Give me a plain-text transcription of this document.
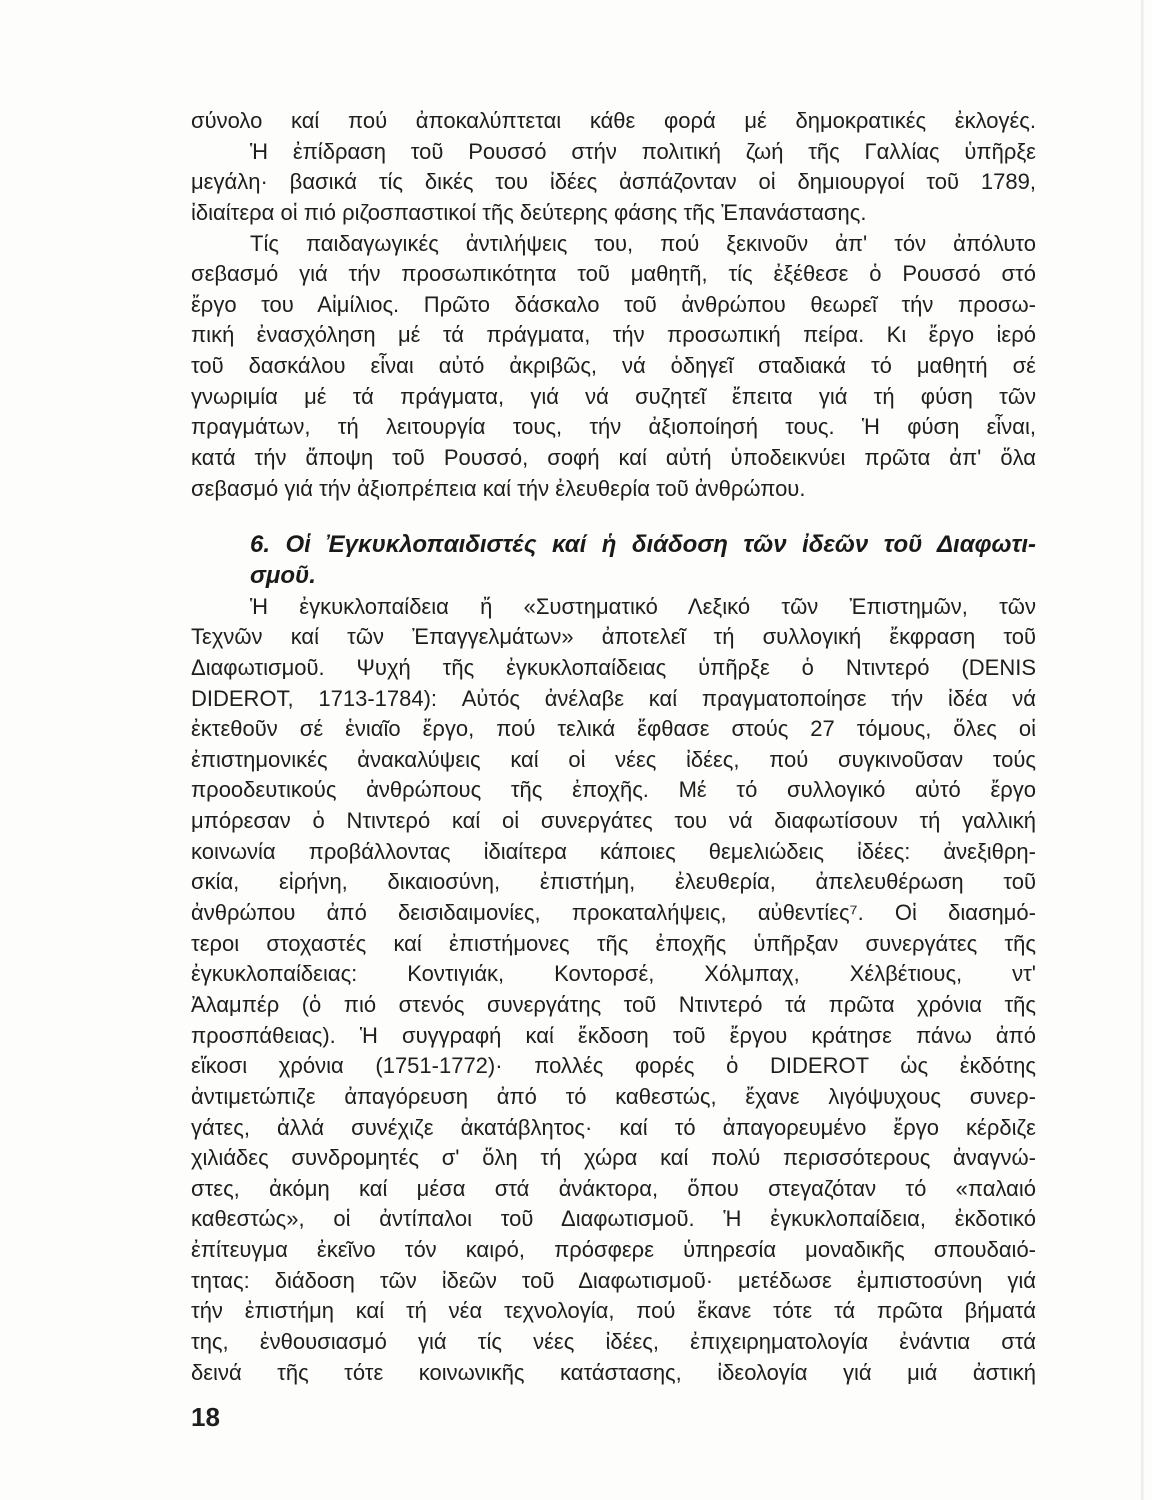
σύνολο καί πού ἀποκαλύπτεται κάθε φορά μέ δημοκρατικές ἐκλογές.
Ἡ ἐπίδραση τοῦ Ρουσσό στήν πολιτική ζωή τῆς Γαλλίας ὑπῆρξε
μεγάλη· βασικά τίς δικές του ἰδέες ἀσπάζονταν οἱ δημιουργοί τοῦ 1789,
ἰδιαίτερα οἱ πιό ριζοσπαστικοί τῆς δεύτερης φάσης τῆς Ἐπανάστασης.
Τίς παιδαγωγικές ἀντιλήψεις του, πού ξεκινοῦν ἀπ' τόν ἀπόλυτο
σεβασμό γιά τήν προσωπικότητα τοῦ μαθητῆ, τίς ἐξέθεσε ὁ Ρουσσό στό
ἔργο του Αἰμίλιος. Πρῶτο δάσκαλο τοῦ ἀνθρώπου θεωρεῖ τήν προσω-
πική ἐνασχόληση μέ τά πράγματα, τήν προσωπική πείρα. Κι ἔργο ἱερό
τοῦ δασκάλου εἶναι αὐτό ἀκριβῶς, νά ὁδηγεῖ σταδιακά τό μαθητή σέ
γνωριμία μέ τά πράγματα, γιά νά συζητεῖ ἔπειτα γιά τή φύση τῶν
πραγμάτων, τή λειτουργία τους, τήν ἀξιοποίησή τους. Ἡ φύση εἶναι,
κατά τήν ἄποψη τοῦ Ρουσσό, σοφή καί αὐτή ὑποδεικνύει πρῶτα ἀπ' ὅλα
σεβασμό γιά τήν ἀξιοπρέπεια καί τήν ἐλευθερία τοῦ ἀνθρώπου.
6. Οἱ Ἐγκυκλοπαιδιστές καί ἡ διάδοση τῶν ἰδεῶν τοῦ Διαφωτι-
σμοῦ.
Ἡ ἐγκυκλοπαίδεια ἤ «Συστηματικό Λεξικό τῶν Ἐπιστημῶν, τῶν
Τεχνῶν καί τῶν Ἐπαγγελμάτων» ἀποτελεῖ τή συλλογική ἔκφραση τοῦ
Διαφωτισμοῦ. Ψυχή τῆς ἐγκυκλοπαίδειας ὑπῆρξε ὁ Ντιντερό (DENIS
DIDEROT, 1713-1784): Αὐτός ἀνέλαβε καί πραγματοποίησε τήν ἰδέα νά
ἐκτεθοῦν σέ ἑνιαῖο ἔργο, πού τελικά ἔφθασε στούς 27 τόμους, ὅλες οἱ
ἐπιστημονικές ἀνακαλύψεις καί οἱ νέες ἰδέες, πού συγκινοῦσαν τούς
προοδευτικούς ἀνθρώπους τῆς ἐποχῆς. Μέ τό συλλογικό αὐτό ἔργο
μπόρεσαν ὁ Ντιντερό καί οἱ συνεργάτες του νά διαφωτίσουν τή γαλλική
κοινωνία προβάλλοντας ἰδιαίτερα κάποιες θεμελιώδεις ἰδέες: ἀνεξιθρη-
σκία, εἰρήνη, δικαιοσύνη, ἐπιστήμη, ἐλευθερία, ἀπελευθέρωση τοῦ
ἀνθρώπου ἀπό δεισιδαιμονίες, προκαταλήψεις, αὐθεντίες⁷. Οἱ διασημό-
τεροι στοχαστές καί ἐπιστήμονες τῆς ἐποχῆς ὑπῆρξαν συνεργάτες τῆς
ἐγκυκλοπαίδειας: Κοντιγιάκ, Κοντορσέ, Χόλμπαχ, Χέλβέτιους, ντ'
Ἀλαμπέρ (ὁ πιό στενός συνεργάτης τοῦ Ντιντερό τά πρῶτα χρόνια τῆς
προσπάθειας). Ἡ συγγραφή καί ἔκδοση τοῦ ἔργου κράτησε πάνω ἀπό
εἴκοσι χρόνια (1751-1772)· πολλές φορές ὁ DIDEROT ὡς ἐκδότης
ἀντιμετώπιζε ἀπαγόρευση ἀπό τό καθεστώς, ἔχανε λιγόψυχους συνερ-
γάτες, ἀλλά συνέχιζε ἀκατάβλητος· καί τό ἀπαγορευμένο ἔργο κέρδιζε
χιλιάδες συνδρομητές σ' ὅλη τή χώρα καί πολύ περισσότερους ἀναγνώ-
στες, ἀκόμη καί μέσα στά ἀνάκτορα, ὅπου στεγαζόταν τό «παλαιό
καθεστώς», οἱ ἀντίπαλοι τοῦ Διαφωτισμοῦ. Ἡ ἐγκυκλοπαίδεια, ἐκδοτικό
ἐπίτευγμα ἐκεῖνο τόν καιρό, πρόσφερε ὑπηρεσία μοναδικῆς σπουδαιό-
τητας: διάδοση τῶν ἰδεῶν τοῦ Διαφωτισμοῦ· μετέδωσε ἐμπιστοσύνη γιά
τήν ἐπιστήμη καί τή νέα τεχνολογία, πού ἔκανε τότε τά πρῶτα βήματά
της, ἐνθουσιασμό γιά τίς νέες ἰδέες, ἐπιχειρηματολογία ἐνάντια στά
δεινά τῆς τότε κοινωνικῆς κατάστασης, ἰδεολογία γιά μιά ἀστική
18
